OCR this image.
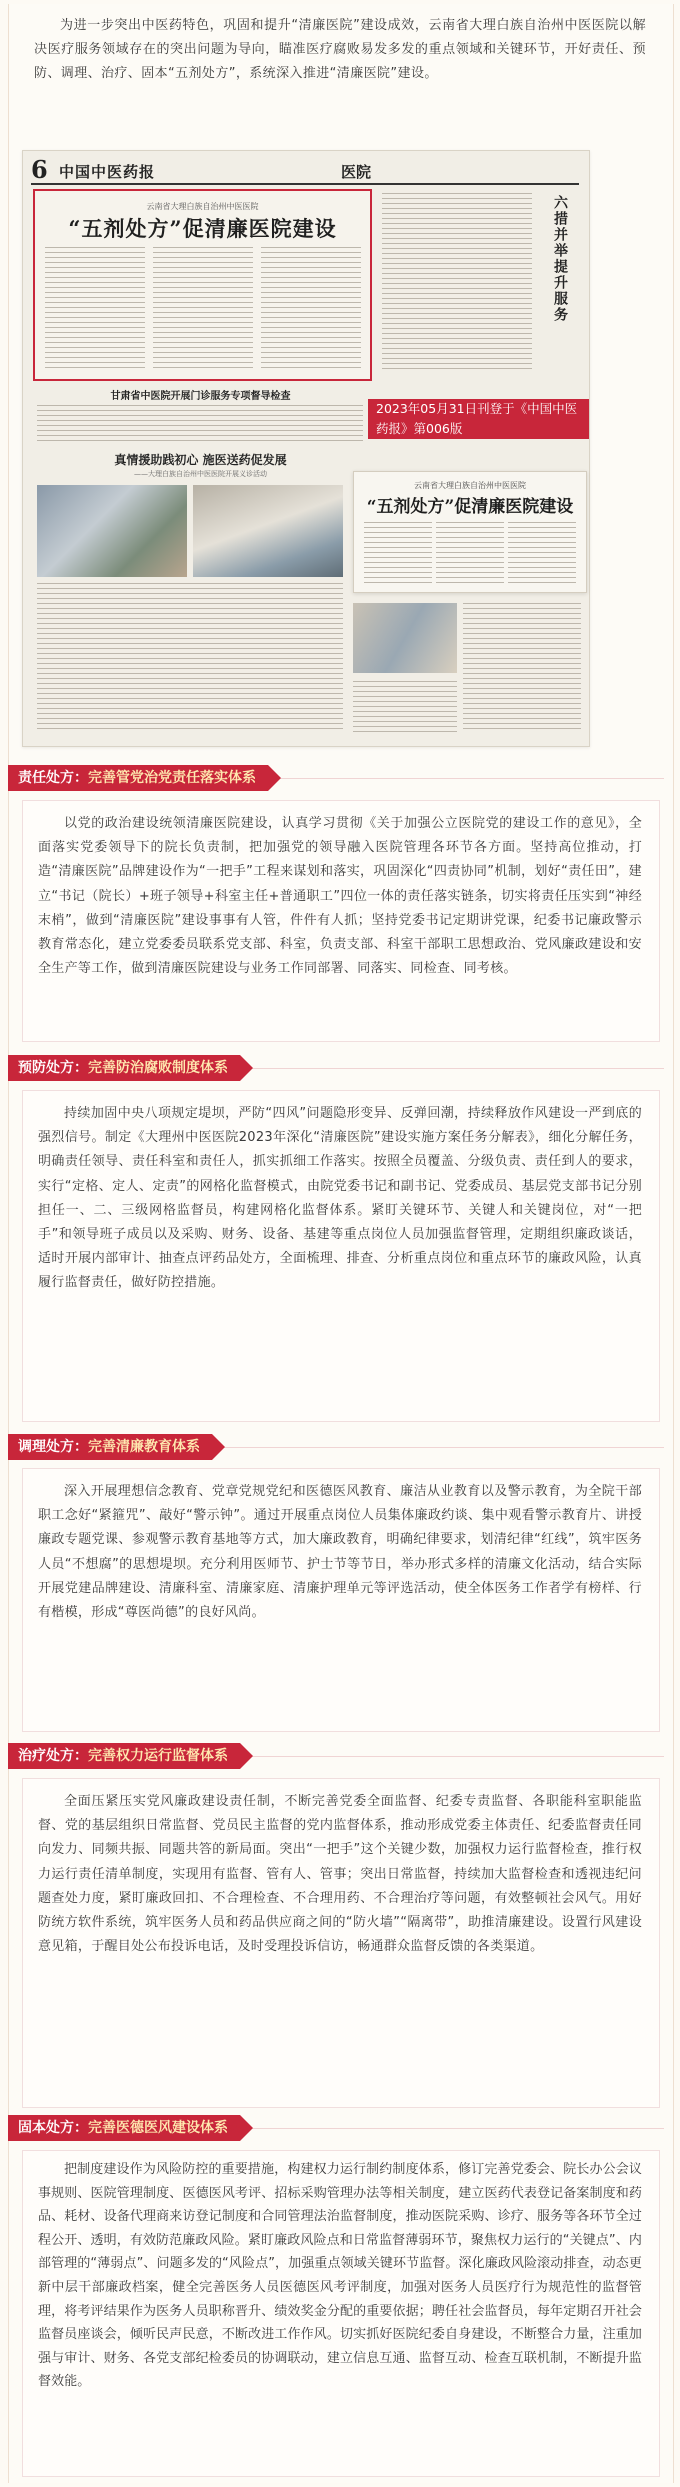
为进一步突出中医药特色，巩固和提升“清廉医院”建设成效，云南省大理白族自治州中医医院以解决医疗服务领域存在的突出问题为导向，瞄准医疗腐败易发多发的重点领域和关键环节，开好责任、预防、调理、治疗、固本“五剂处方”，系统深入推进“清廉医院”建设。

6 中国中医药报	医院
云南省大理白族自治州中医医院
“五剂处方”促清廉医院建设	六措并举提升服务
甘肃省中医院开展门诊服务专项督导检查
真情援助践初心 施医送药促发展
——大理白族自治州中医医院开展义诊活动
2023年05月31日刊登于《中国中医药报》第006版
云南省大理白族自治州中医医院
“五剂处方”促清廉医院建设
责任处方：完善管党治党责任落实体系

以党的政治建设统领清廉医院建设，认真学习贯彻《关于加强公立医院党的建设工作的意见》，全面落实党委领导下的院长负责制，把加强党的领导融入医院管理各环节各方面。坚持高位推动，打造“清廉医院”品牌建设作为“一把手”工程来谋划和落实，巩固深化“四责协同”机制，划好“责任田”，建立“书记（院长）+班子领导+科室主任+普通职工”四位一体的责任落实链条，切实将责任压实到“神经末梢”，做到“清廉医院”建设事事有人管，件件有人抓；坚持党委书记定期讲党课，纪委书记廉政警示教育常态化，建立党委委员联系党支部、科室，负责支部、科室干部职工思想政治、党风廉政建设和安全生产等工作，做到清廉医院建设与业务工作同部署、同落实、同检查、同考核。

预防处方：完善防治腐败制度体系

持续加固中央八项规定堤坝，严防“四风”问题隐形变异、反弹回潮，持续释放作风建设一严到底的强烈信号。制定《大理州中医医院2023年深化“清廉医院”建设实施方案任务分解表》，细化分解任务，明确责任领导、责任科室和责任人，抓实抓细工作落实。按照全员覆盖、分级负责、责任到人的要求，实行“定格、定人、定责”的网格化监督模式，由院党委书记和副书记、党委成员、基层党支部书记分别担任一、二、三级网格监督员，构建网格化监督体系。紧盯关键环节、关键人和关键岗位，对“一把手”和领导班子成员以及采购、财务、设备、基建等重点岗位人员加强监督管理，定期组织廉政谈话，适时开展内部审计、抽查点评药品处方，全面梳理、排查、分析重点岗位和重点环节的廉政风险，认真履行监督责任，做好防控措施。

调理处方：完善清廉教育体系

深入开展理想信念教育、党章党规党纪和医德医风教育、廉洁从业教育以及警示教育，为全院干部职工念好“紧箍咒”、敲好“警示钟”。通过开展重点岗位人员集体廉政约谈、集中观看警示教育片、讲授廉政专题党课、参观警示教育基地等方式，加大廉政教育，明确纪律要求，划清纪律“红线”，筑牢医务人员“不想腐”的思想堤坝。充分利用医师节、护士节等节日，举办形式多样的清廉文化活动，结合实际开展党建品牌建设、清廉科室、清廉家庭、清廉护理单元等评选活动，使全体医务工作者学有榜样、行有楷模，形成“尊医尚德”的良好风尚。

治疗处方：完善权力运行监督体系

全面压紧压实党风廉政建设责任制，不断完善党委全面监督、纪委专责监督、各职能科室职能监督、党的基层组织日常监督、党员民主监督的党内监督体系，推动形成党委主体责任、纪委监督责任同向发力、同频共振、同题共答的新局面。突出“一把手”这个关键少数，加强权力运行监督检查，推行权力运行责任清单制度，实现用有监督、管有人、管事；突出日常监督，持续加大监督检查和透视违纪问题查处力度，紧盯廉政回扣、不合理检查、不合理用药、不合理治疗等问题，有效整顿社会风气。用好防统方软件系统，筑牢医务人员和药品供应商之间的“防火墙”“隔离带”，助推清廉建设。设置行风建设意见箱，于醒目处公布投诉电话，及时受理投诉信访，畅通群众监督反馈的各类渠道。

固本处方：完善医德医风建设体系

把制度建设作为风险防控的重要措施，构建权力运行制约制度体系，修订完善党委会、院长办公会议事规则、医院管理制度、医德医风考评、招标采购管理办法等相关制度，建立医药代表登记备案制度和药品、耗材、设备代理商来访登记制度和合同管理法治监督制度，推动医院采购、诊疗、服务等各环节全过程公开、透明，有效防范廉政风险。紧盯廉政风险点和日常监督薄弱环节，聚焦权力运行的“关键点”、内部管理的“薄弱点”、问题多发的“风险点”，加强重点领域关键环节监督。深化廉政风险滚动排查，动态更新中层干部廉政档案，健全完善医务人员医德医风考评制度，加强对医务人员医疗行为规范性的监督管理，将考评结果作为医务人员职称晋升、绩效奖金分配的重要依据；聘任社会监督员，每年定期召开社会监督员座谈会，倾听民声民意，不断改进工作作风。切实抓好医院纪委自身建设，不断整合力量，注重加强与审计、财务、各党支部纪检委员的协调联动，建立信息互通、监督互动、检查互联机制，不断提升监督效能。
